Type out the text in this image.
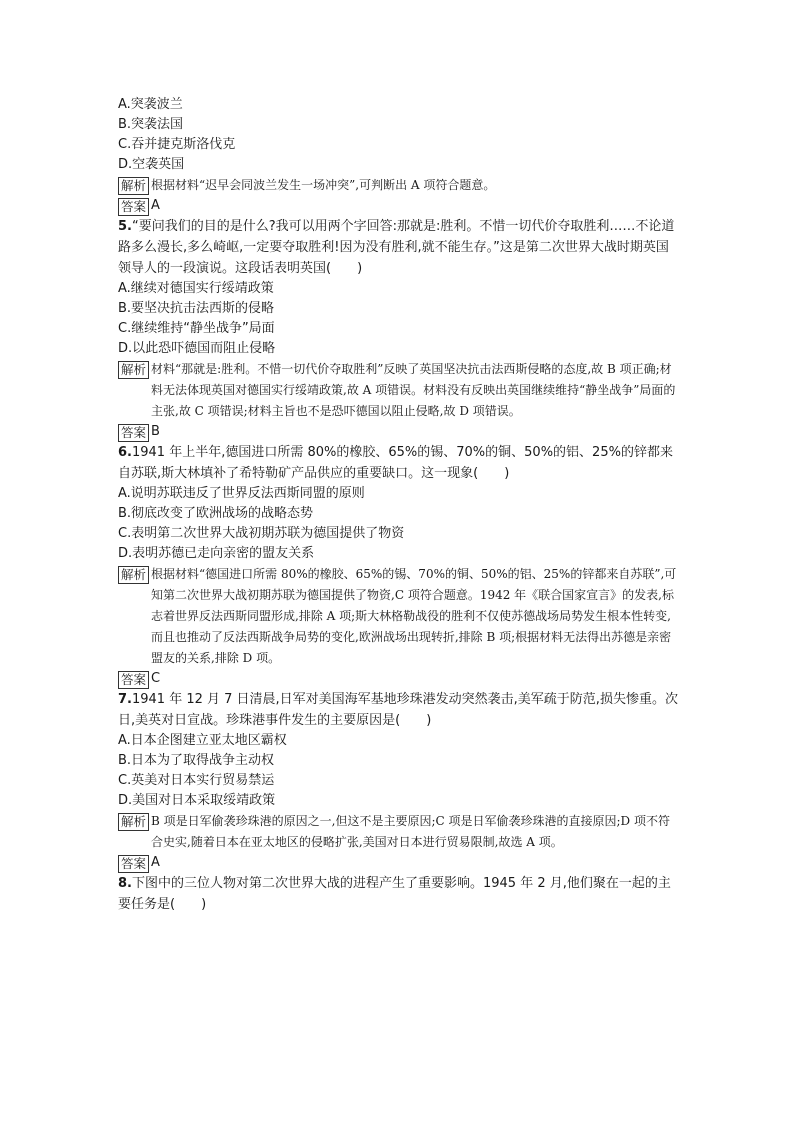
A.突袭波兰
B.突袭法国
C.吞并捷克斯洛伐克
D.空袭英国
解析 根据材料“迟早会同波兰发生一场冲突”,可判断出 A 项符合题意。
答案 A
5.“要问我们的目的是什么?我可以用两个字回答:那就是:胜利。不惜一切代价夺取胜利……不论道路多么漫长,多么崎岖,一定要夺取胜利!因为没有胜利,就不能生存。”这是第二次世界大战时期英国领导人的一段演说。这段话表明英国(　　)
A.继续对德国实行绥靖政策
B.要坚决抗击法西斯的侵略
C.继续维持“静坐战争”局面
D.以此恐吓德国而阻止侵略
解析 材料“那就是:胜利。不惜一切代价夺取胜利”反映了英国坚决抗击法西斯侵略的态度,故 B 项正确;材料无法体现英国对德国实行绥靖政策,故 A 项错误。材料没有反映出英国继续维持“静坐战争”局面的主张,故 C 项错误;材料主旨也不是恐吓德国以阻止侵略,故 D 项错误。
答案 B
6.1941 年上半年,德国进口所需 80%的橡胶、65%的锡、70%的铜、50%的铝、25%的锌都来自苏联,斯大林填补了希特勒矿产品供应的重要缺口。这一现象(　　)
A.说明苏联违反了世界反法西斯同盟的原则
B.彻底改变了欧洲战场的战略态势
C.表明第二次世界大战初期苏联为德国提供了物资
D.表明苏德已走向亲密的盟友关系
解析 根据材料“德国进口所需 80%的橡胶、65%的锡、70%的铜、50%的铝、25%的锌都来自苏联”,可知第二次世界大战初期苏联为德国提供了物资,C 项符合题意。1942 年《联合国家宣言》的发表,标志着世界反法西斯同盟形成,排除 A 项;斯大林格勒战役的胜利不仅使苏德战场局势发生根本性转变,而且也推动了反法西斯战争局势的变化,欧洲战场出现转折,排除 B 项;根据材料无法得出苏德是亲密盟友的关系,排除 D 项。
答案 C
7.1941 年 12 月 7 日清晨,日军对美国海军基地珍珠港发动突然袭击,美军疏于防范,损失惨重。次日,美英对日宣战。珍珠港事件发生的主要原因是(　　)
A.日本企图建立亚太地区霸权
B.日本为了取得战争主动权
C.英美对日本实行贸易禁运
D.美国对日本采取绥靖政策
解析 B 项是日军偷袭珍珠港的原因之一,但这不是主要原因;C 项是日军偷袭珍珠港的直接原因;D 项不符合史实,随着日本在亚太地区的侵略扩张,美国对日本进行贸易限制,故选 A 项。
答案 A
8.下图中的三位人物对第二次世界大战的进程产生了重要影响。1945 年 2 月,他们聚在一起的主要任务是(　　)
